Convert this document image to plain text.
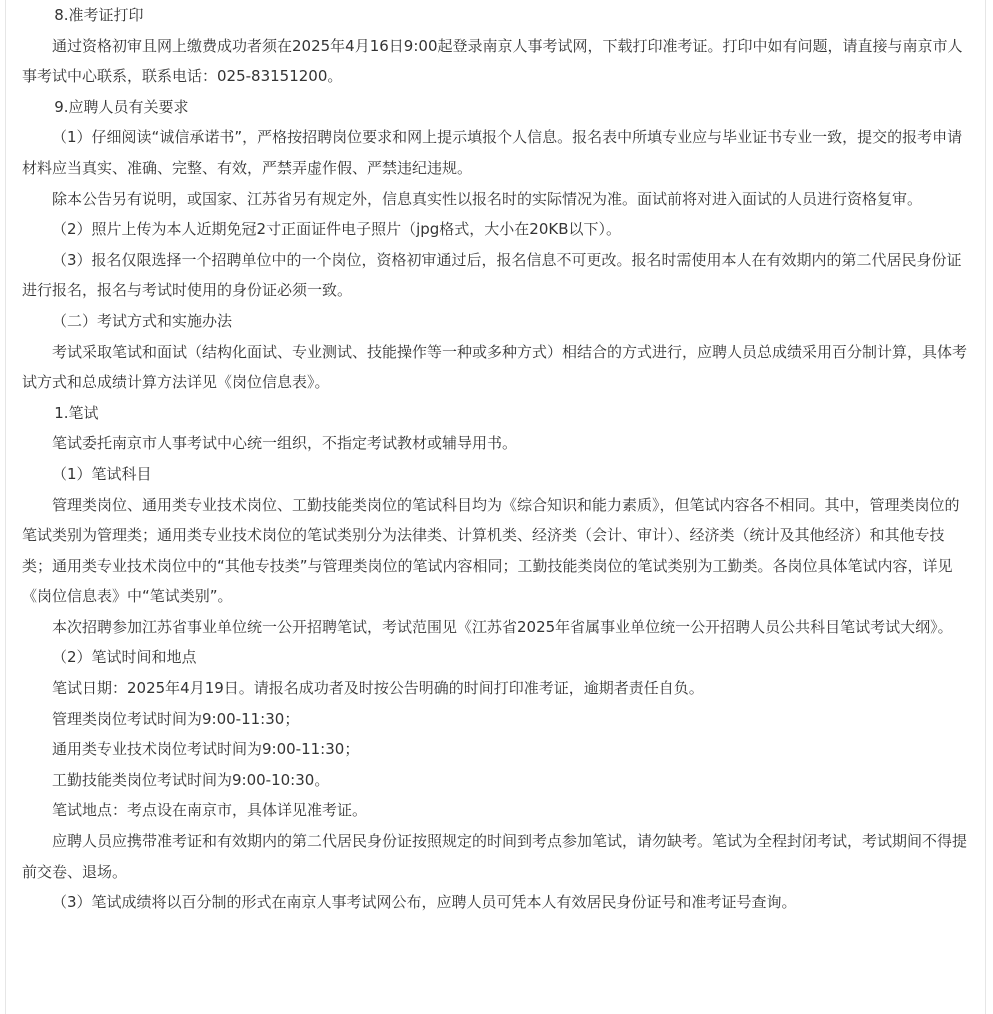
8.准考证打印

通过资格初审且网上缴费成功者须在2025年4月16日9:00起登录南京人事考试网，下载打印准考证。打印中如有问题，请直接与南京市人事考试中心联系，联系电话：025-83151200。

9.应聘人员有关要求

（1）仔细阅读“诚信承诺书”，严格按招聘岗位要求和网上提示填报个人信息。报名表中所填专业应与毕业证书专业一致，提交的报考申请材料应当真实、准确、完整、有效，严禁弄虚作假、严禁违纪违规。

除本公告另有说明，或国家、江苏省另有规定外，信息真实性以报名时的实际情况为准。面试前将对进入面试的人员进行资格复审。

（2）照片上传为本人近期免冠2寸正面证件电子照片（jpg格式，大小在20KB以下）。

（3）报名仅限选择一个招聘单位中的一个岗位，资格初审通过后，报名信息不可更改。报名时需使用本人在有效期内的第二代居民身份证进行报名，报名与考试时使用的身份证必须一致。

（二）考试方式和实施办法

考试采取笔试和面试（结构化面试、专业测试、技能操作等一种或多种方式）相结合的方式进行，应聘人员总成绩采用百分制计算，具体考试方式和总成绩计算方法详见《岗位信息表》。

1.笔试

笔试委托南京市人事考试中心统一组织，不指定考试教材或辅导用书。

（1）笔试科目

管理类岗位、通用类专业技术岗位、工勤技能类岗位的笔试科目均为《综合知识和能力素质》，但笔试内容各不相同。其中，管理类岗位的笔试类别为管理类；通用类专业技术岗位的笔试类别分为法律类、计算机类、经济类（会计、审计）、经济类（统计及其他经济）和其他专技类；通用类专业技术岗位中的“其他专技类”与管理类岗位的笔试内容相同；工勤技能类岗位的笔试类别为工勤类。各岗位具体笔试内容，详见《岗位信息表》中“笔试类别”。

本次招聘参加江苏省事业单位统一公开招聘笔试，考试范围见《江苏省2025年省属事业单位统一公开招聘人员公共科目笔试考试大纲》。

（2）笔试时间和地点

笔试日期：2025年4月19日。请报名成功者及时按公告明确的时间打印准考证，逾期者责任自负。

管理类岗位考试时间为9:00-11:30；

通用类专业技术岗位考试时间为9:00-11:30；

工勤技能类岗位考试时间为9:00-10:30。

笔试地点：考点设在南京市，具体详见准考证。

应聘人员应携带准考证和有效期内的第二代居民身份证按照规定的时间到考点参加笔试，请勿缺考。笔试为全程封闭考试，考试期间不得提前交卷、退场。

（3）笔试成绩将以百分制的形式在南京人事考试网公布，应聘人员可凭本人有效居民身份证号和准考证号查询。
